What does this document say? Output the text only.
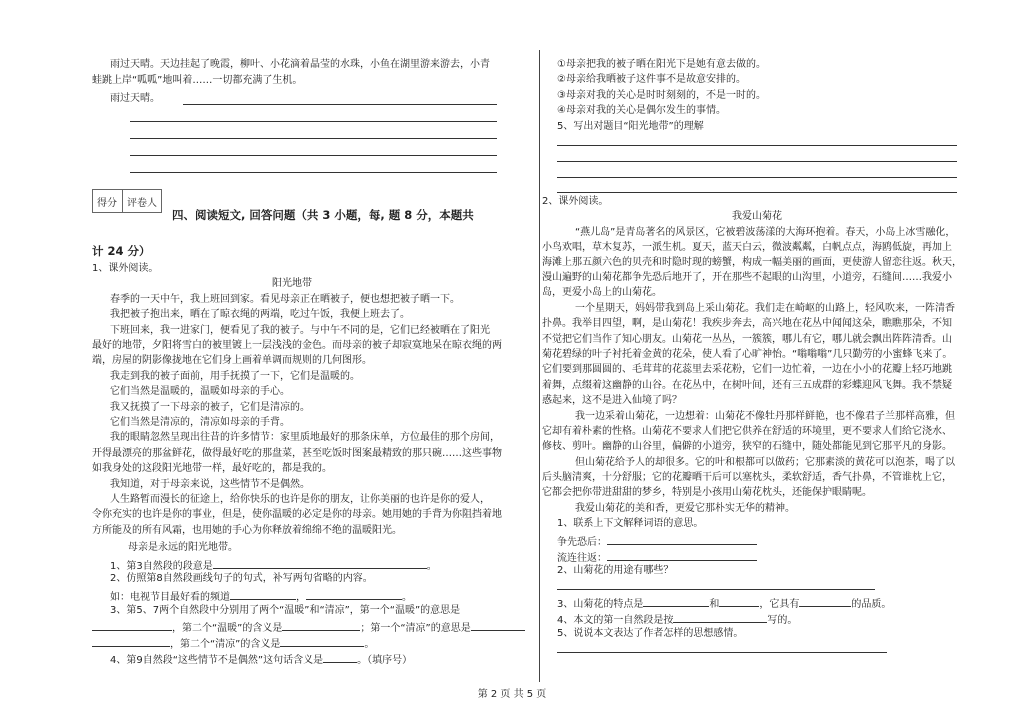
雨过天晴。天边挂起了晚霞，柳叶、小花滴着晶莹的水珠，小鱼在湖里游来游去，小青
蛙跳上岸“呱呱”地叫着……一切都充满了生机。
雨过天晴。
得分 评卷人
四、阅读短文, 回答问题（共 3 小题，每, 题 8 分，本题共
计 24 分）
1、课外阅读。
阳光地带
春季的一天中午，我上班回到家。看见母亲正在晒被子，便也想把被子晒一下。
我把被子抱出来，晒在了晾衣绳的两端，吃过午饭，我便上班去了。
下班回来，我一进家门，便看见了我的被子。与中午不同的是，它们已经被晒在了阳光
最好的地带，夕阳将雪白的被里镀上一层浅浅的金色。而母亲的被子却寂寞地呆在晾衣绳的两
端，房屋的阴影像拢地在它们身上画着单调而规则的几何图形。
我走到我的被子面前，用手抚摸了一下，它们是温暖的。
它们当然是温暖的，温暖如母亲的手心。
我又抚摸了一下母亲的被子，它们是清凉的。
它们当然是清凉的，清凉如母亲的手背。
我的眼睛忽然呈现出往昔的许多情节：家里质地最好的那条床单，方位最佳的那个房间，
开得最漂亮的那盆鲜花，做得最好吃的那盘菜，甚至吃饭时图案最精致的那只碗……这些事物
如我身处的这段阳光地带一样，最好吃的，都是我的。
我知道，对于母亲来说，这些情节不是偶然。
人生路暂而漫长的征途上，给你快乐的也许是你的朋友，让你美丽的也许是你的爱人，
令你充实的也许是你的事业，但是，使你温暖的必定是你的母亲。她用她的手背为你阻挡着地
方所能及的所有风霜，也用她的手心为你释放着绵绵不绝的温暖阳光。
母亲是永远的阳光地带。
1、第3自然段的段意是	。
2、仿照第8自然段画线句子的句式，补写两句省略的内容。
如：电视节目最好看的频道	，	。
3、第5、7两个自然段中分别用了两个“温暖”和“清凉”，第一个“温暖”的意思是
，第二个“温暖”的含义是	；第一个“清凉”的意思是
，第二个“清凉”的含义是	。
4、第9自然段“这些情节不是偶然”这句话含义是	。（填序号）
①母亲把我的被子晒在阳光下是她有意去做的。
②母亲给我晒被子这件事不是故意安排的。
③母亲对我的关心是时时刻刻的，不是一时的。
④母亲对我的关心是偶尔发生的事情。
5、写出对题目“阳光地带”的理解
2、课外阅读。
我爱山菊花
“燕儿岛”是青岛著名的风景区，它被碧波荡漾的大海环抱着。春天，小岛上冰雪融化，
小鸟欢唱，草木复苏，一派生机。夏天，蓝天白云，微波粼粼，白帆点点，海鸥低旋，再加上
海滩上那五颜六色的贝壳和时隐时现的螃蟹，构成一幅美丽的画面，更使游人留恋往返。秋天，
漫山遍野的山菊花都争先恐后地开了，开在那些不起眼的山沟里，小道旁，石缝间……我爱小
岛，更爱小岛上的山菊花。
一个星期天，妈妈带我到岛上采山菊花。我们走在崎岖的山路上，轻风吹来，一阵清香
扑鼻。我举目四望，啊，是山菊花！我疾步奔去，高兴地在花丛中闻闻这朵，瞧瞧那朵，不知
不觉把它们当作了知心朋友。山菊花一丛丛，一簇簇，哪儿有它，哪儿就会飘出阵阵清香。山
菊花碧绿的叶子衬托着金黄的花朵，使人看了心旷神怡。“嗡嗡嗡”几只勤劳的小蜜蜂飞来了。
它们要到那圆圆的、毛茸茸的花蕊里去采花粉，它们一边忙着，一边在小小的花瓣上轻巧地跳
着舞，点缀着这幽静的山谷。在花丛中，在树叶间，还有三五成群的彩蝶迎风飞舞。我不禁疑
惑起来，这不是进入仙境了吗？
我一边采着山菊花，一边想着：山菊花不像牡丹那样鲜艳，也不像君子兰那样高雅，但
它却有着朴素的性格。山菊花不要求人们把它供养在舒适的环境里，更不要求人们给它浇水、
修枝、剪叶。幽静的山谷里，偏僻的小道旁，狭窄的石缝中，随处都能见到它那平凡的身影。
但山菊花给予人的却很多。它的叶和根都可以做药；它那素淡的黄花可以泡茶，喝了以
后头脑清爽，十分舒服；它的花瓣晒干后可以塞枕头，柔软舒适，香气扑鼻，不管谁枕上它，
它都会把你带进甜甜的梦乡，特别是小孩用山菊花枕头，还能保护眼睛呢。
我爱山菊花的美和香，更爱它那朴实无华的精神。
1、联系上下文解释词语的意思。
争先恐后：
流连往返：
2、山菊花的用途有哪些？
3、山菊花的特点是	和	，它具有	的品质。
4、本文的第一自然段是按	写的。
5、说说本文表达了作者怎样的思想感情。
第 2 页 共 5 页
